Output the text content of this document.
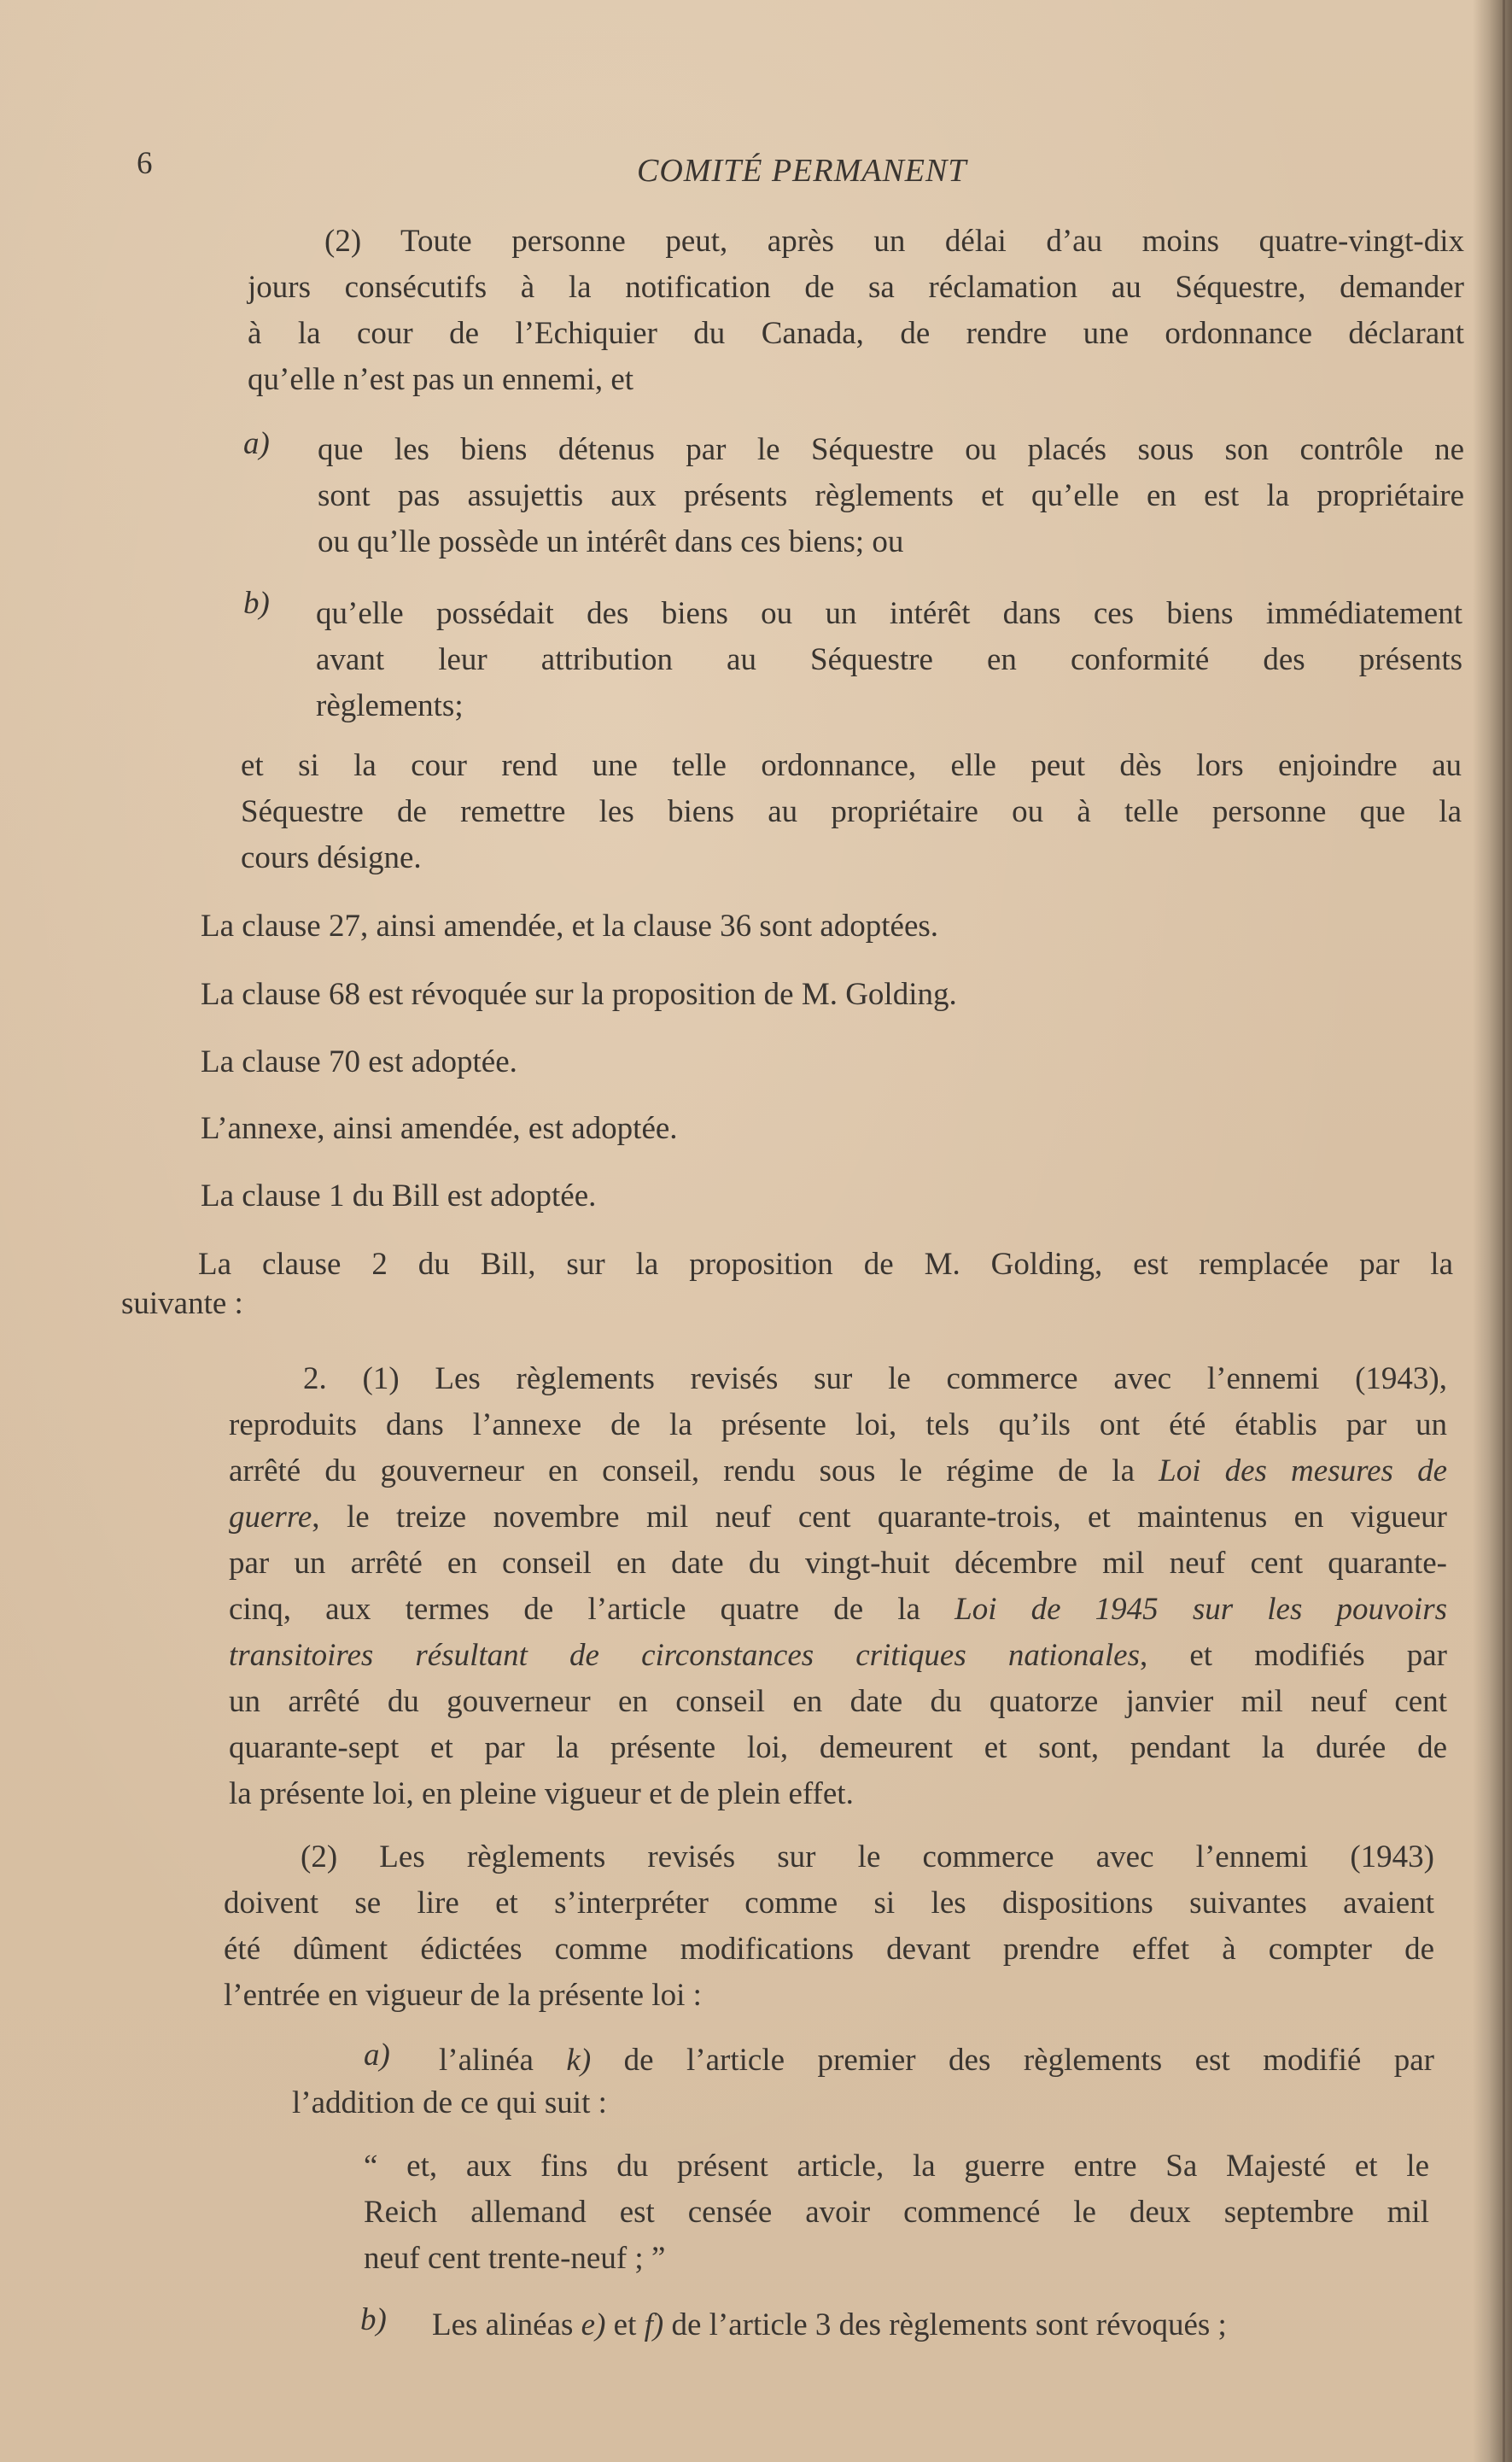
6	COMITÉ PERMANENT

(2) Toute personne peut, après un délai d’au moins quatre-vingt-dix

jours consécutifs à la notification de sa réclamation au Séquestre, demander

à la cour de l’Echiquier du Canada, de rendre une ordonnance déclarant

qu’elle n’est pas un ennemi, et

a) que les biens détenus par le Séquestre ou placés sous son contrôle ne

sont pas assujettis aux présents règlements et qu’elle en est la propriétaire

ou qu’lle possède un intérêt dans ces biens; ou

b) qu’elle possédait des biens ou un intérêt dans ces biens immédiatement

avant leur attribution au Séquestre en conformité des présents

règlements;

et si la cour rend une telle ordonnance, elle peut dès lors enjoindre au

Séquestre de remettre les biens au propriétaire ou à telle personne que la

cours désigne.

La clause 27, ainsi amendée, et la clause 36 sont adoptées.

La clause 68 est révoquée sur la proposition de M. Golding.

La clause 70 est adoptée.

L’annexe, ainsi amendée, est adoptée.

La clause 1 du Bill est adoptée.

La clause 2 du Bill, sur la proposition de M. Golding, est remplacée par la

suivante :

2. (1) Les règlements revisés sur le commerce avec l’ennemi (1943),

reproduits dans l’annexe de la présente loi, tels qu’ils ont été établis par un

arrêté du gouverneur en conseil, rendu sous le régime de la Loi des mesures de

guerre, le treize novembre mil neuf cent quarante-trois, et maintenus en vigueur

par un arrêté en conseil en date du vingt-huit décembre mil neuf cent quarante-

cinq, aux termes de l’article quatre de la Loi de 1945 sur les pouvoirs

transitoires résultant de circonstances critiques nationales, et modifiés par

un arrêté du gouverneur en conseil en date du quatorze janvier mil neuf cent

quarante-sept et par la présente loi, demeurent et sont, pendant la durée de

la présente loi, en pleine vigueur et de plein effet.

(2) Les règlements revisés sur le commerce avec l’ennemi (1943)

doivent se lire et s’interpréter comme si les dispositions suivantes avaient

été dûment édictées comme modifications devant prendre effet à compter de

l’entrée en vigueur de la présente loi :

a) l’alinéa k) de l’article premier des règlements est modifié par

l’addition de ce qui suit :

“ et, aux fins du présent article, la guerre entre Sa Majesté et le

Reich allemand est censée avoir commencé le deux septembre mil

neuf cent trente-neuf ; ”

b) Les alinéas e) et f) de l’article 3 des règlements sont révoqués ;
